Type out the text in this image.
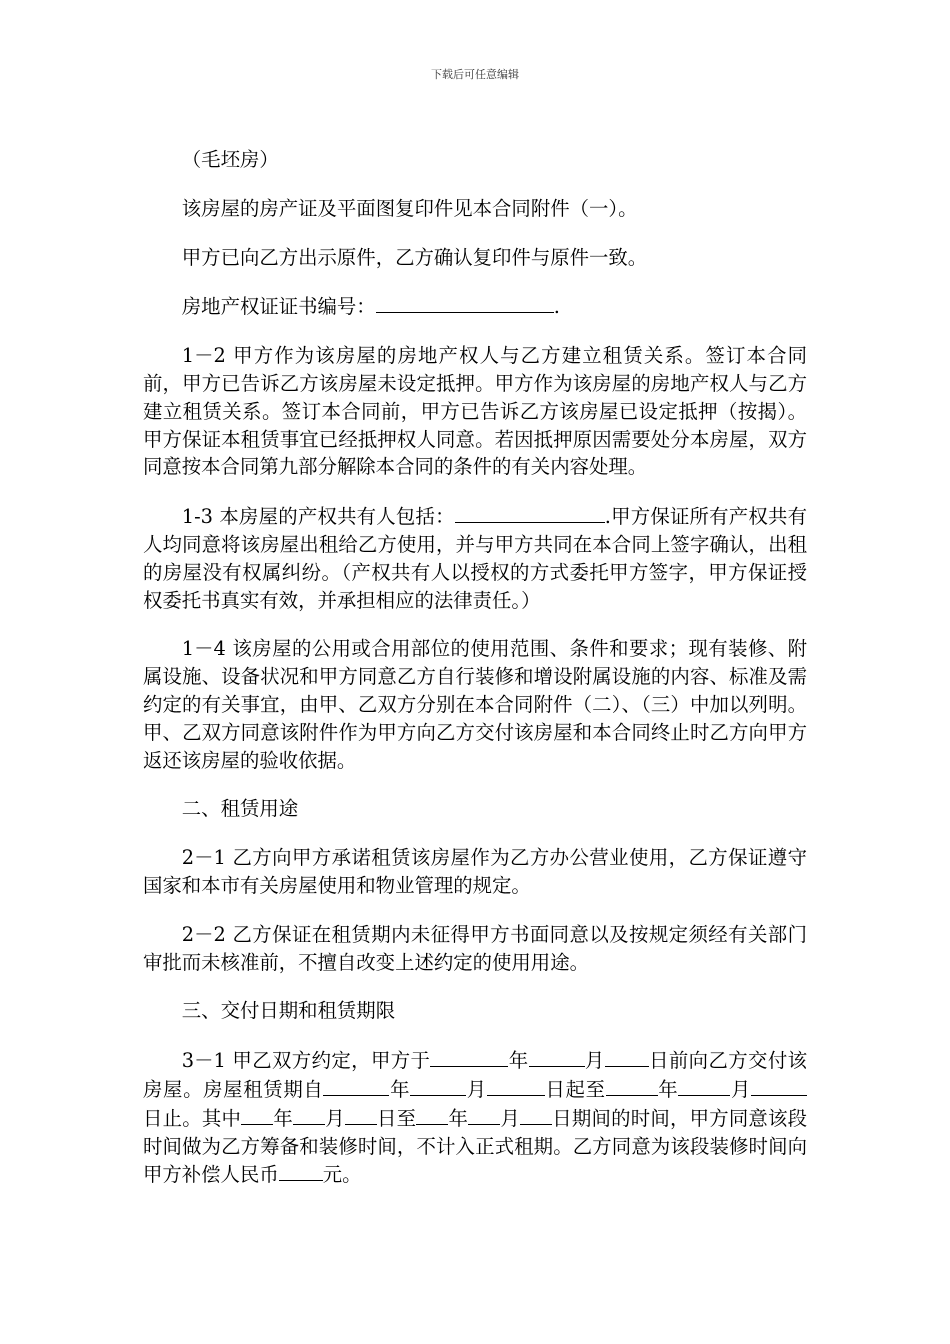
下载后可任意编辑

（毛坯房）

该房屋的房产证及平面图复印件见本合同附件（一）。

甲方已向乙方出示原件，乙方确认复印件与原件一致。

房地产权证证书编号：	.

1－2 甲方作为该房屋的房地产权人与乙方建立租赁关系。签订本合同前，甲方已告诉乙方该房屋未设定抵押。甲方作为该房屋的房地产权人与乙方建立租赁关系。签订本合同前，甲方已告诉乙方该房屋已设定抵押（按揭）。甲方保证本租赁事宜已经抵押权人同意。若因抵押原因需要处分本房屋，双方同意按本合同第九部分解除本合同的条件的有关内容处理。

1-3 本房屋的产权共有人包括：	.甲方保证所有产权共有人均同意将该房屋出租给乙方使用，并与甲方共同在本合同上签字确认，出租的房屋没有权属纠纷。（产权共有人以授权的方式委托甲方签字，甲方保证授权委托书真实有效，并承担相应的法律责任。）

1－4 该房屋的公用或合用部位的使用范围、条件和要求；现有装修、附属设施、设备状况和甲方同意乙方自行装修和增设附属设施的内容、标准及需约定的有关事宜，由甲、乙双方分别在本合同附件（二）、（三）中加以列明。甲、乙双方同意该附件作为甲方向乙方交付该房屋和本合同终止时乙方向甲方返还该房屋的验收依据。

二、租赁用途

2－1 乙方向甲方承诺租赁该房屋作为乙方办公营业使用，乙方保证遵守国家和本市有关房屋使用和物业管理的规定。

2－2 乙方保证在租赁期内未征得甲方书面同意以及按规定须经有关部门审批而未核准前，不擅自改变上述约定的使用用途。

三、交付日期和租赁期限

3－1 甲乙双方约定，甲方于	年	月 日前向乙方交付该房屋。房屋租赁期自	年	月	日起至	年	月日止。其中 年 月 日至 年 月 日期间的时间，甲方同意该段时间做为乙方筹备和装修时间，不计入正式租期。乙方同意为该段装修时间向甲方补偿人民币 元。
